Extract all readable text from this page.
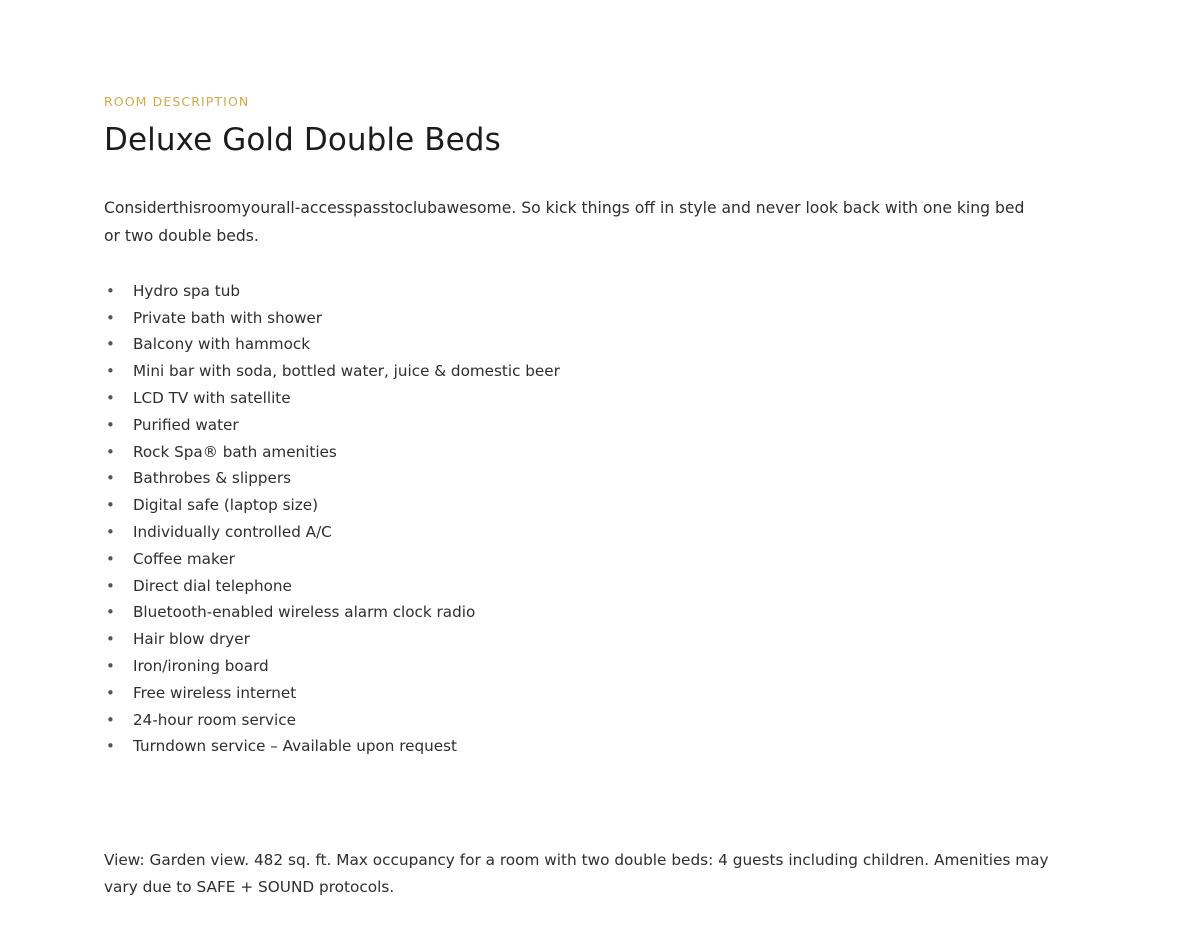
ROOM DESCRIPTION
Deluxe Gold Double Beds

Considerthisroomyourall-accesspasstoclubawesome. So kick things off in style and never look back with one king bed or two double beds.

• Hydro spa tub
• Private bath with shower
• Balcony with hammock
• Mini bar with soda, bottled water, juice & domestic beer
• LCD TV with satellite
• Purified water
• Rock Spa® bath amenities
• Bathrobes & slippers
• Digital safe (laptop size)
• Individually controlled A/C
• Coffee maker
• Direct dial telephone
• Bluetooth-enabled wireless alarm clock radio
• Hair blow dryer
• Iron/ironing board
• Free wireless internet
• 24-hour room service
• Turndown service – Available upon request

View: Garden view. 482 sq. ft. Max occupancy for a room with two double beds: 4 guests including children. Amenities may vary due to SAFE + SOUND protocols.
